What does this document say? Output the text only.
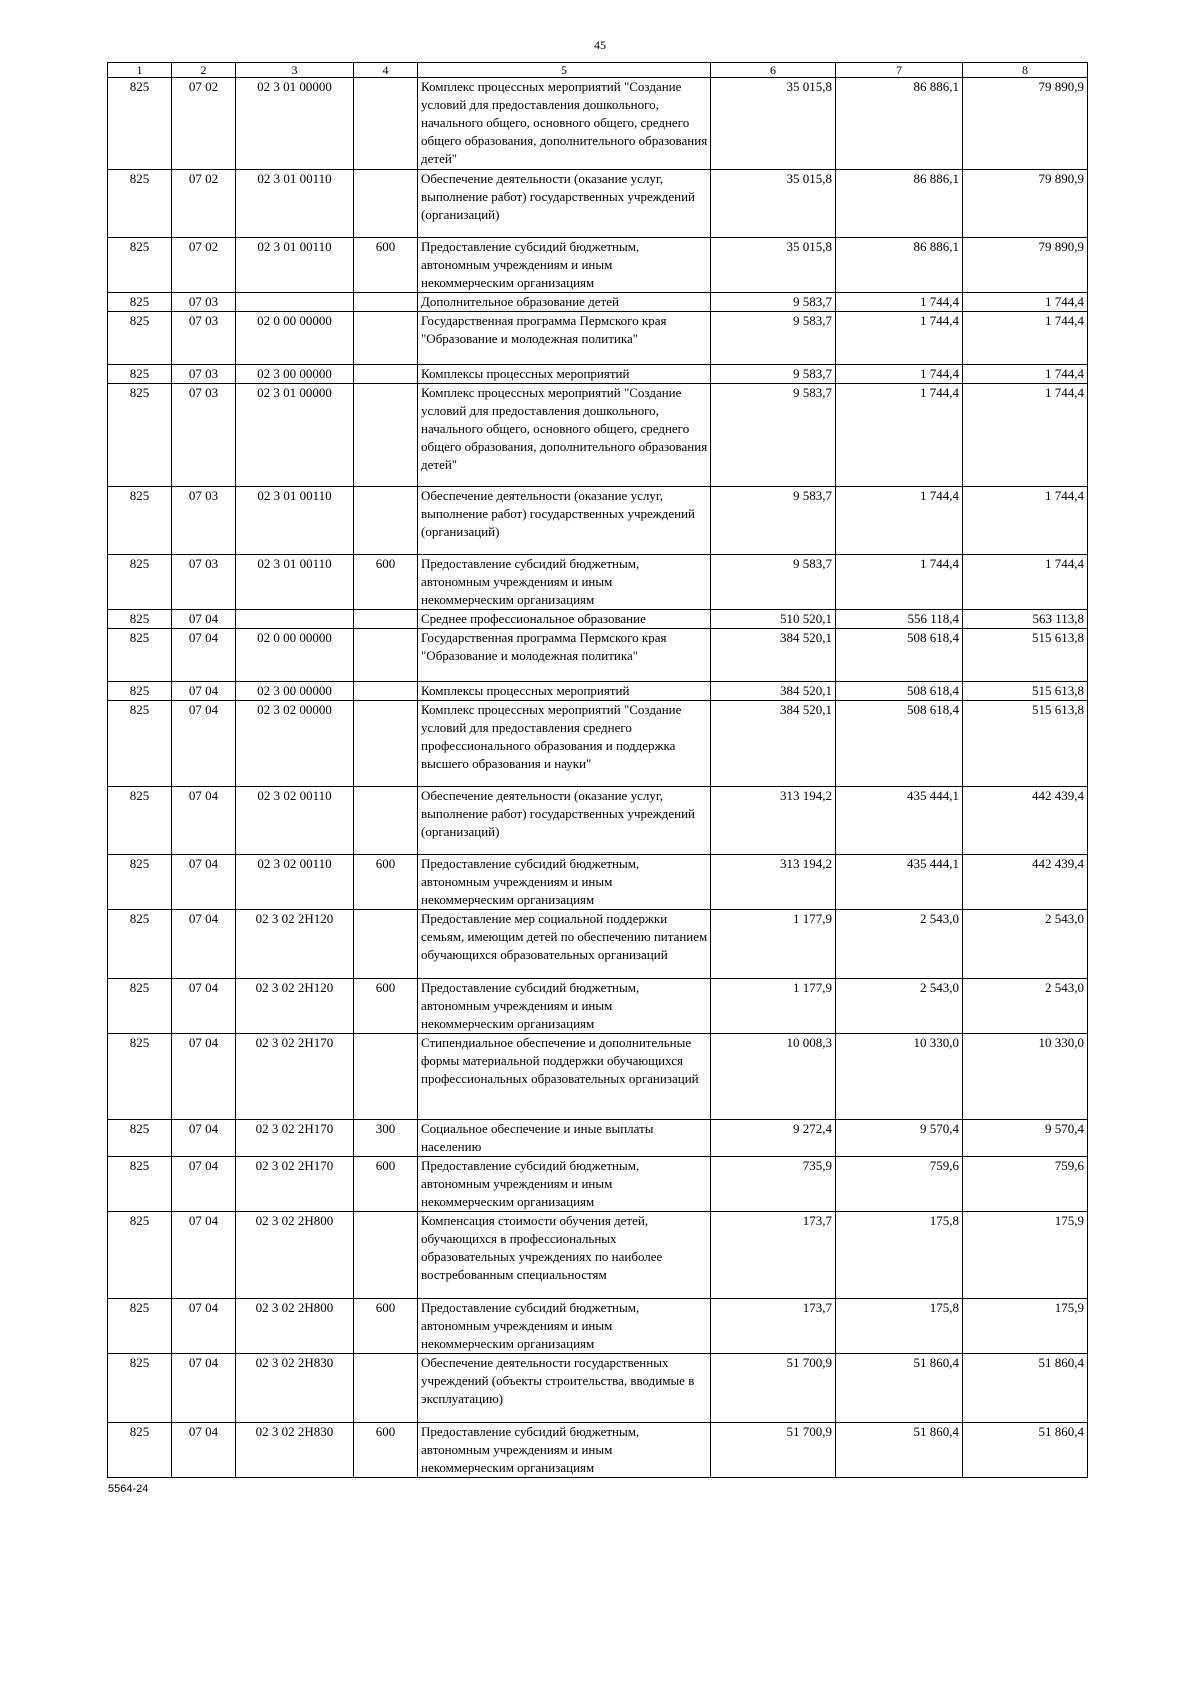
45
1	2	3	4	5	6	7	8
825	07 02	02 3 01 00000		Комплекс процессных мероприятий "Создание условий для предоставления дошкольного, начального общего, основного общего, среднего общего образования, дополнительного образования детей"	35 015,8	86 886,1	79 890,9
825	07 02	02 3 01 00110		Обеспечение деятельности (оказание услуг, выполнение работ) государственных учреждений (организаций)	35 015,8	86 886,1	79 890,9
825	07 02	02 3 01 00110	600	Предоставление субсидий бюджетным, автономным учреждениям и иным некоммерческим организациям	35 015,8	86 886,1	79 890,9
825	07 03			Дополнительное образование детей	9 583,7	1 744,4	1 744,4
825	07 03	02 0 00 00000		Государственная программа Пермского края "Образование и молодежная политика"	9 583,7	1 744,4	1 744,4
825	07 03	02 3 00 00000		Комплексы процессных мероприятий	9 583,7	1 744,4	1 744,4
825	07 03	02 3 01 00000		Комплекс процессных мероприятий "Создание условий для предоставления дошкольного, начального общего, основного общего, среднего общего образования, дополнительного образования детей"	9 583,7	1 744,4	1 744,4
825	07 03	02 3 01 00110		Обеспечение деятельности (оказание услуг, выполнение работ) государственных учреждений (организаций)	9 583,7	1 744,4	1 744,4
825	07 03	02 3 01 00110	600	Предоставление субсидий бюджетным, автономным учреждениям и иным некоммерческим организациям	9 583,7	1 744,4	1 744,4
825	07 04			Среднее профессиональное образование	510 520,1	556 118,4	563 113,8
825	07 04	02 0 00 00000		Государственная программа Пермского края "Образование и молодежная политика"	384 520,1	508 618,4	515 613,8
825	07 04	02 3 00 00000		Комплексы процессных мероприятий	384 520,1	508 618,4	515 613,8
825	07 04	02 3 02 00000		Комплекс процессных мероприятий "Создание условий для предоставления среднего профессионального образования и поддержка высшего образования и науки"	384 520,1	508 618,4	515 613,8
825	07 04	02 3 02 00110		Обеспечение деятельности (оказание услуг, выполнение работ) государственных учреждений (организаций)	313 194,2	435 444,1	442 439,4
825	07 04	02 3 02 00110	600	Предоставление субсидий бюджетным, автономным учреждениям и иным некоммерческим организациям	313 194,2	435 444,1	442 439,4
825	07 04	02 3 02 2Н120		Предоставление мер социальной поддержки семьям, имеющим детей по обеспечению питанием обучающихся образовательных организаций	1 177,9	2 543,0	2 543,0
825	07 04	02 3 02 2Н120	600	Предоставление субсидий бюджетным, автономным учреждениям и иным некоммерческим организациям	1 177,9	2 543,0	2 543,0
825	07 04	02 3 02 2Н170		Стипендиальное обеспечение и дополнительные формы материальной поддержки обучающихся профессиональных образовательных организаций	10 008,3	10 330,0	10 330,0
825	07 04	02 3 02 2Н170	300	Социальное обеспечение и иные выплаты населению	9 272,4	9 570,4	9 570,4
825	07 04	02 3 02 2Н170	600	Предоставление субсидий бюджетным, автономным учреждениям и иным некоммерческим организациям	735,9	759,6	759,6
825	07 04	02 3 02 2Н800		Компенсация стоимости обучения детей, обучающихся в профессиональных образовательных учреждениях по наиболее востребованным специальностям	173,7	175,8	175,9
825	07 04	02 3 02 2Н800	600	Предоставление субсидий бюджетным, автономным учреждениям и иным некоммерческим организациям	173,7	175,8	175,9
825	07 04	02 3 02 2Н830		Обеспечение деятельности государственных учреждений (объекты строительства, вводимые в эксплуатацию)	51 700,9	51 860,4	51 860,4
825	07 04	02 3 02 2Н830	600	Предоставление субсидий бюджетным, автономным учреждениям и иным некоммерческим организациям	51 700,9	51 860,4	51 860,4
5564-24
